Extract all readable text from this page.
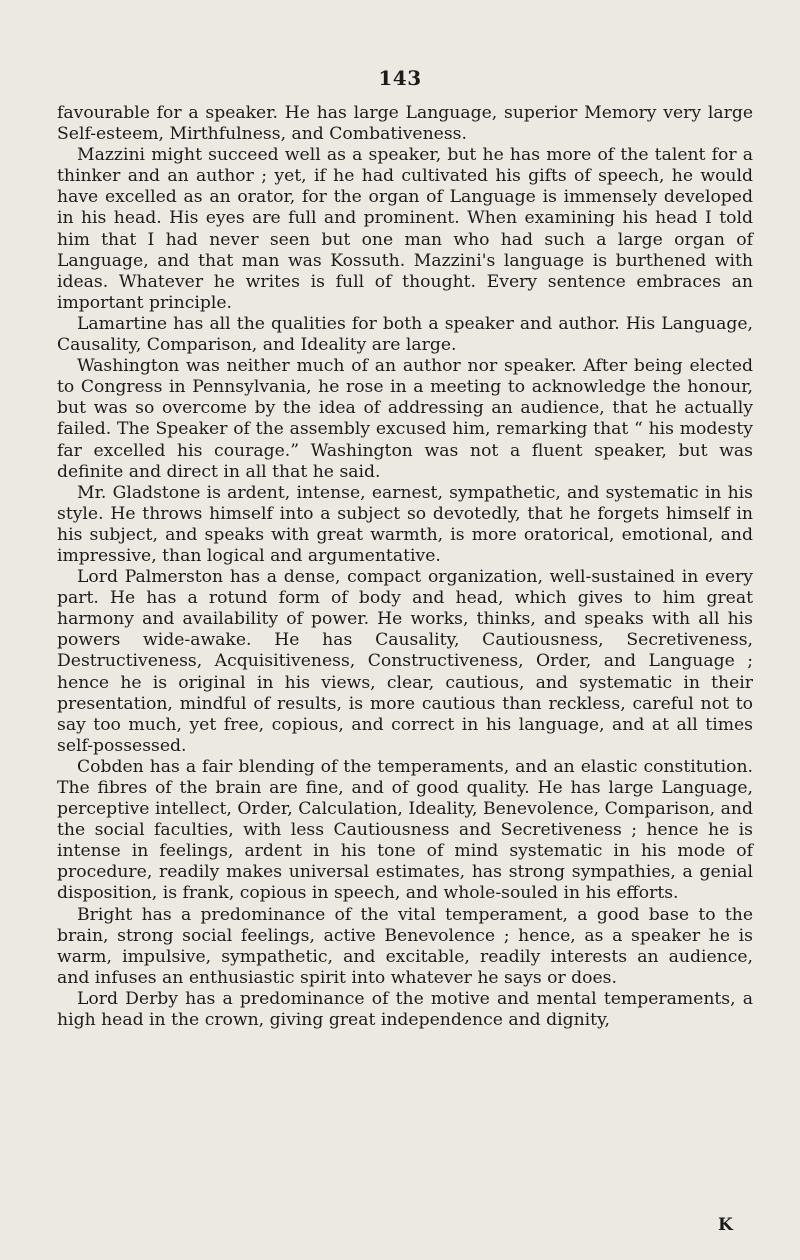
143

favourable for a speaker. He has large Language, superior Memory very large Self-esteem, Mirthfulness, and Combativeness.

Mazzini might succeed well as a speaker, but he has more of the talent for a thinker and an author ; yet, if he had cultivated his gifts of speech, he would have excelled as an orator, for the organ of Language is immensely developed in his head. His eyes are full and prominent. When examining his head I told him that I had never seen but one man who had such a large organ of Language, and that man was Kossuth. Mazzini's language is burthened with ideas. Whatever he writes is full of thought. Every sentence embraces an important principle.

Lamartine has all the qualities for both a speaker and author. His Language, Causality, Comparison, and Ideality are large.

Washington was neither much of an author nor speaker. After being elected to Congress in Pennsylvania, he rose in a meeting to acknowledge the honour, but was so overcome by the idea of addressing an audience, that he actually failed. The Speaker of the assembly excused him, remarking that “ his modesty far excelled his courage.” Washington was not a fluent speaker, but was definite and direct in all that he said.

Mr. Gladstone is ardent, intense, earnest, sympathetic, and systematic in his style. He throws himself into a subject so devotedly, that he forgets himself in his subject, and speaks with great warmth, is more oratorical, emotional, and impressive, than logical and argumentative.

Lord Palmerston has a dense, compact organization, well-sustained in every part. He has a rotund form of body and head, which gives to him great harmony and availability of power. He works, thinks, and speaks with all his powers wide-awake. He has Causality, Cautiousness, Secretiveness, Destructiveness, Acquisitiveness, Constructiveness, Order, and Language ; hence he is original in his views, clear, cautious, and systematic in their presentation, mindful of results, is more cautious than reckless, careful not to say too much, yet free, copious, and correct in his language, and at all times self-possessed.

Cobden has a fair blending of the temperaments, and an elastic constitution. The fibres of the brain are fine, and of good quality. He has large Language, perceptive intellect, Order, Calculation, Ideality, Benevolence, Comparison, and the social faculties, with less Cautiousness and Secretiveness ; hence he is intense in feelings, ardent in his tone of mind systematic in his mode of procedure, readily makes universal estimates, has strong sympathies, a genial disposition, is frank, copious in speech, and whole-souled in his efforts.

Bright has a predominance of the vital temperament, a good base to the brain, strong social feelings, active Benevolence ; hence, as a speaker he is warm, impulsive, sympathetic, and excitable, readily interests an audience, and infuses an enthusiastic spirit into whatever he says or does.

Lord Derby has a predominance of the motive and mental temperaments, a high head in the crown, giving great independence and dignity,

K
